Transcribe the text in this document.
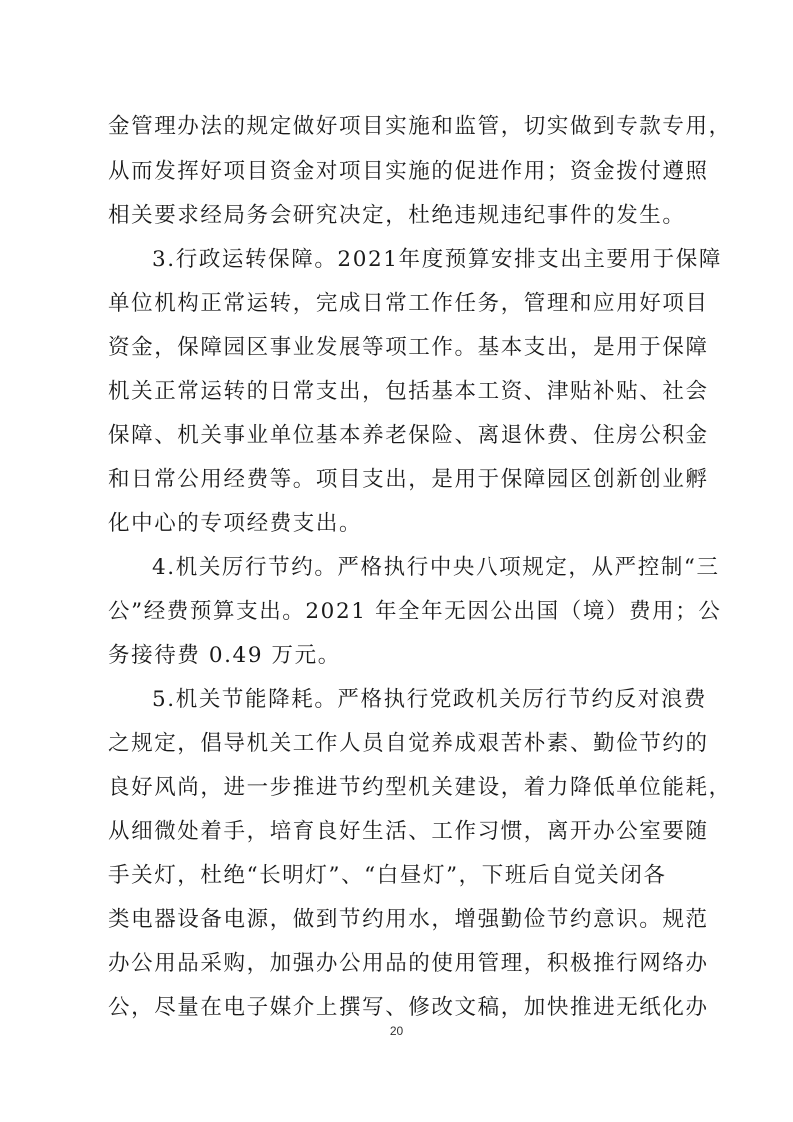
金管理办法的规定做好项目实施和监管，切实做到专款专用，
从而发挥好项目资金对项目实施的促进作用；资金拨付遵照
相关要求经局务会研究决定，杜绝违规违纪事件的发生。
3.行政运转保障。2021年度预算安排支出主要用于保障
单位机构正常运转，完成日常工作任务，管理和应用好项目
资金，保障园区事业发展等项工作。基本支出，是用于保障
机关正常运转的日常支出，包括基本工资、津贴补贴、社会
保障、机关事业单位基本养老保险、离退休费、住房公积金
和日常公用经费等。项目支出，是用于保障园区创新创业孵
化中心的专项经费支出。
4.机关厉行节约。严格执行中央八项规定，从严控制“三
公”经费预算支出。2021 年全年无因公出国（境）费用；公
务接待费 0.49 万元。
5.机关节能降耗。严格执行党政机关厉行节约反对浪费
之规定，倡导机关工作人员自觉养成艰苦朴素、勤俭节约的
良好风尚，进一步推进节约型机关建设，着力降低单位能耗，
从细微处着手，培育良好生活、工作习惯，离开办公室要随
手关灯，杜绝“长明灯”、“白昼灯”，下班后自觉关闭各
类电器设备电源，做到节约用水，增强勤俭节约意识。规范
办公用品采购，加强办公用品的使用管理，积极推行网络办
公，尽量在电子媒介上撰写、修改文稿，加快推进无纸化办
20
